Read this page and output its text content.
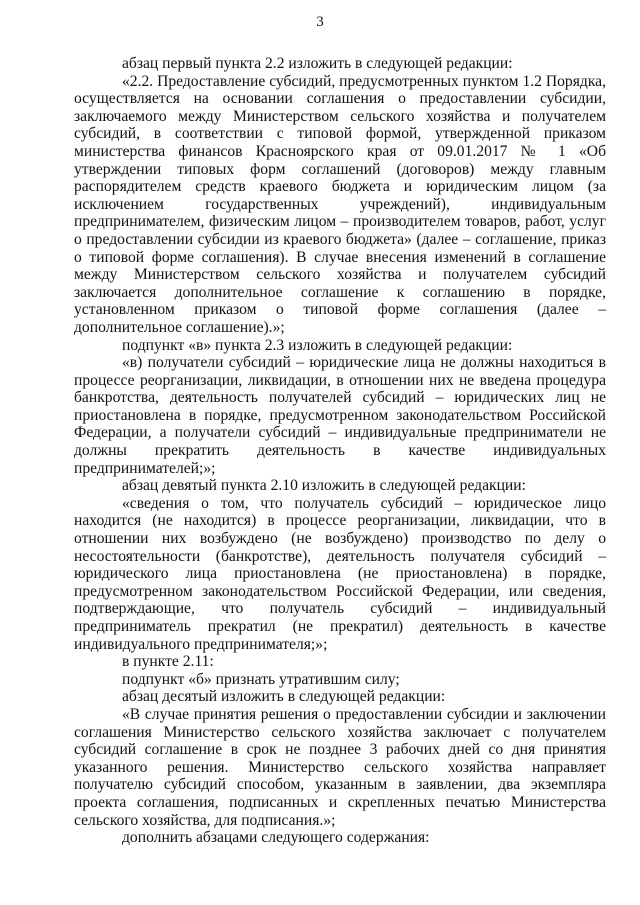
3

абзац первый пункта 2.2 изложить в следующей редакции:

«2.2. Предоставление субсидий, предусмотренных пунктом 1.2 Порядка, осуществляется на основании соглашения о предоставлении субсидии, заключаемого между Министерством сельского хозяйства и получателем субсидий, в соответствии с типовой формой, утвержденной приказом министерства финансов Красноярского края от 09.01.2017 № 1 «Об утверждении типовых форм соглашений (договоров) между главным распорядителем средств краевого бюджета и юридическим лицом (за исключением государственных учреждений), индивидуальным предпринимателем, физическим лицом – производителем товаров, работ, услуг о предоставлении субсидии из краевого бюджета» (далее – соглашение, приказ о типовой форме соглашения). В случае внесения изменений в соглашение между Министерством сельского хозяйства и получателем субсидий заключается дополнительное соглашение к соглашению в порядке, установленном приказом о типовой форме соглашения (далее – дополнительное соглашение).»;

подпункт «в» пункта 2.3 изложить в следующей редакции:

«в) получатели субсидий – юридические лица не должны находиться в процессе реорганизации, ликвидации, в отношении них не введена процедура банкротства, деятельность получателей субсидий – юридических лиц не приостановлена в порядке, предусмотренном законодательством Российской Федерации, а получатели субсидий – индивидуальные предприниматели не должны прекратить деятельность в качестве индивидуальных предпринимателей;»;

абзац девятый пункта 2.10 изложить в следующей редакции:

«сведения о том, что получатель субсидий – юридическое лицо находится (не находится) в процессе реорганизации, ликвидации, что в отношении них возбуждено (не возбуждено) производство по делу о несостоятельности (банкротстве), деятельность получателя субсидий – юридического лица приостановлена (не приостановлена) в порядке, предусмотренном законодательством Российской Федерации, или сведения, подтверждающие, что получатель субсидий – индивидуальный предприниматель прекратил (не прекратил) деятельность в качестве индивидуального предпринимателя;»;

в пункте 2.11:

подпункт «б» признать утратившим силу;

абзац десятый изложить в следующей редакции:

«В случае принятия решения о предоставлении субсидии и заключении соглашения Министерство сельского хозяйства заключает с получателем субсидий соглашение в срок не позднее 3 рабочих дней со дня принятия указанного решения. Министерство сельского хозяйства направляет получателю субсидий способом, указанным в заявлении, два экземпляра проекта соглашения, подписанных и скрепленных печатью Министерства сельского хозяйства, для подписания.»;

дополнить абзацами следующего содержания:
